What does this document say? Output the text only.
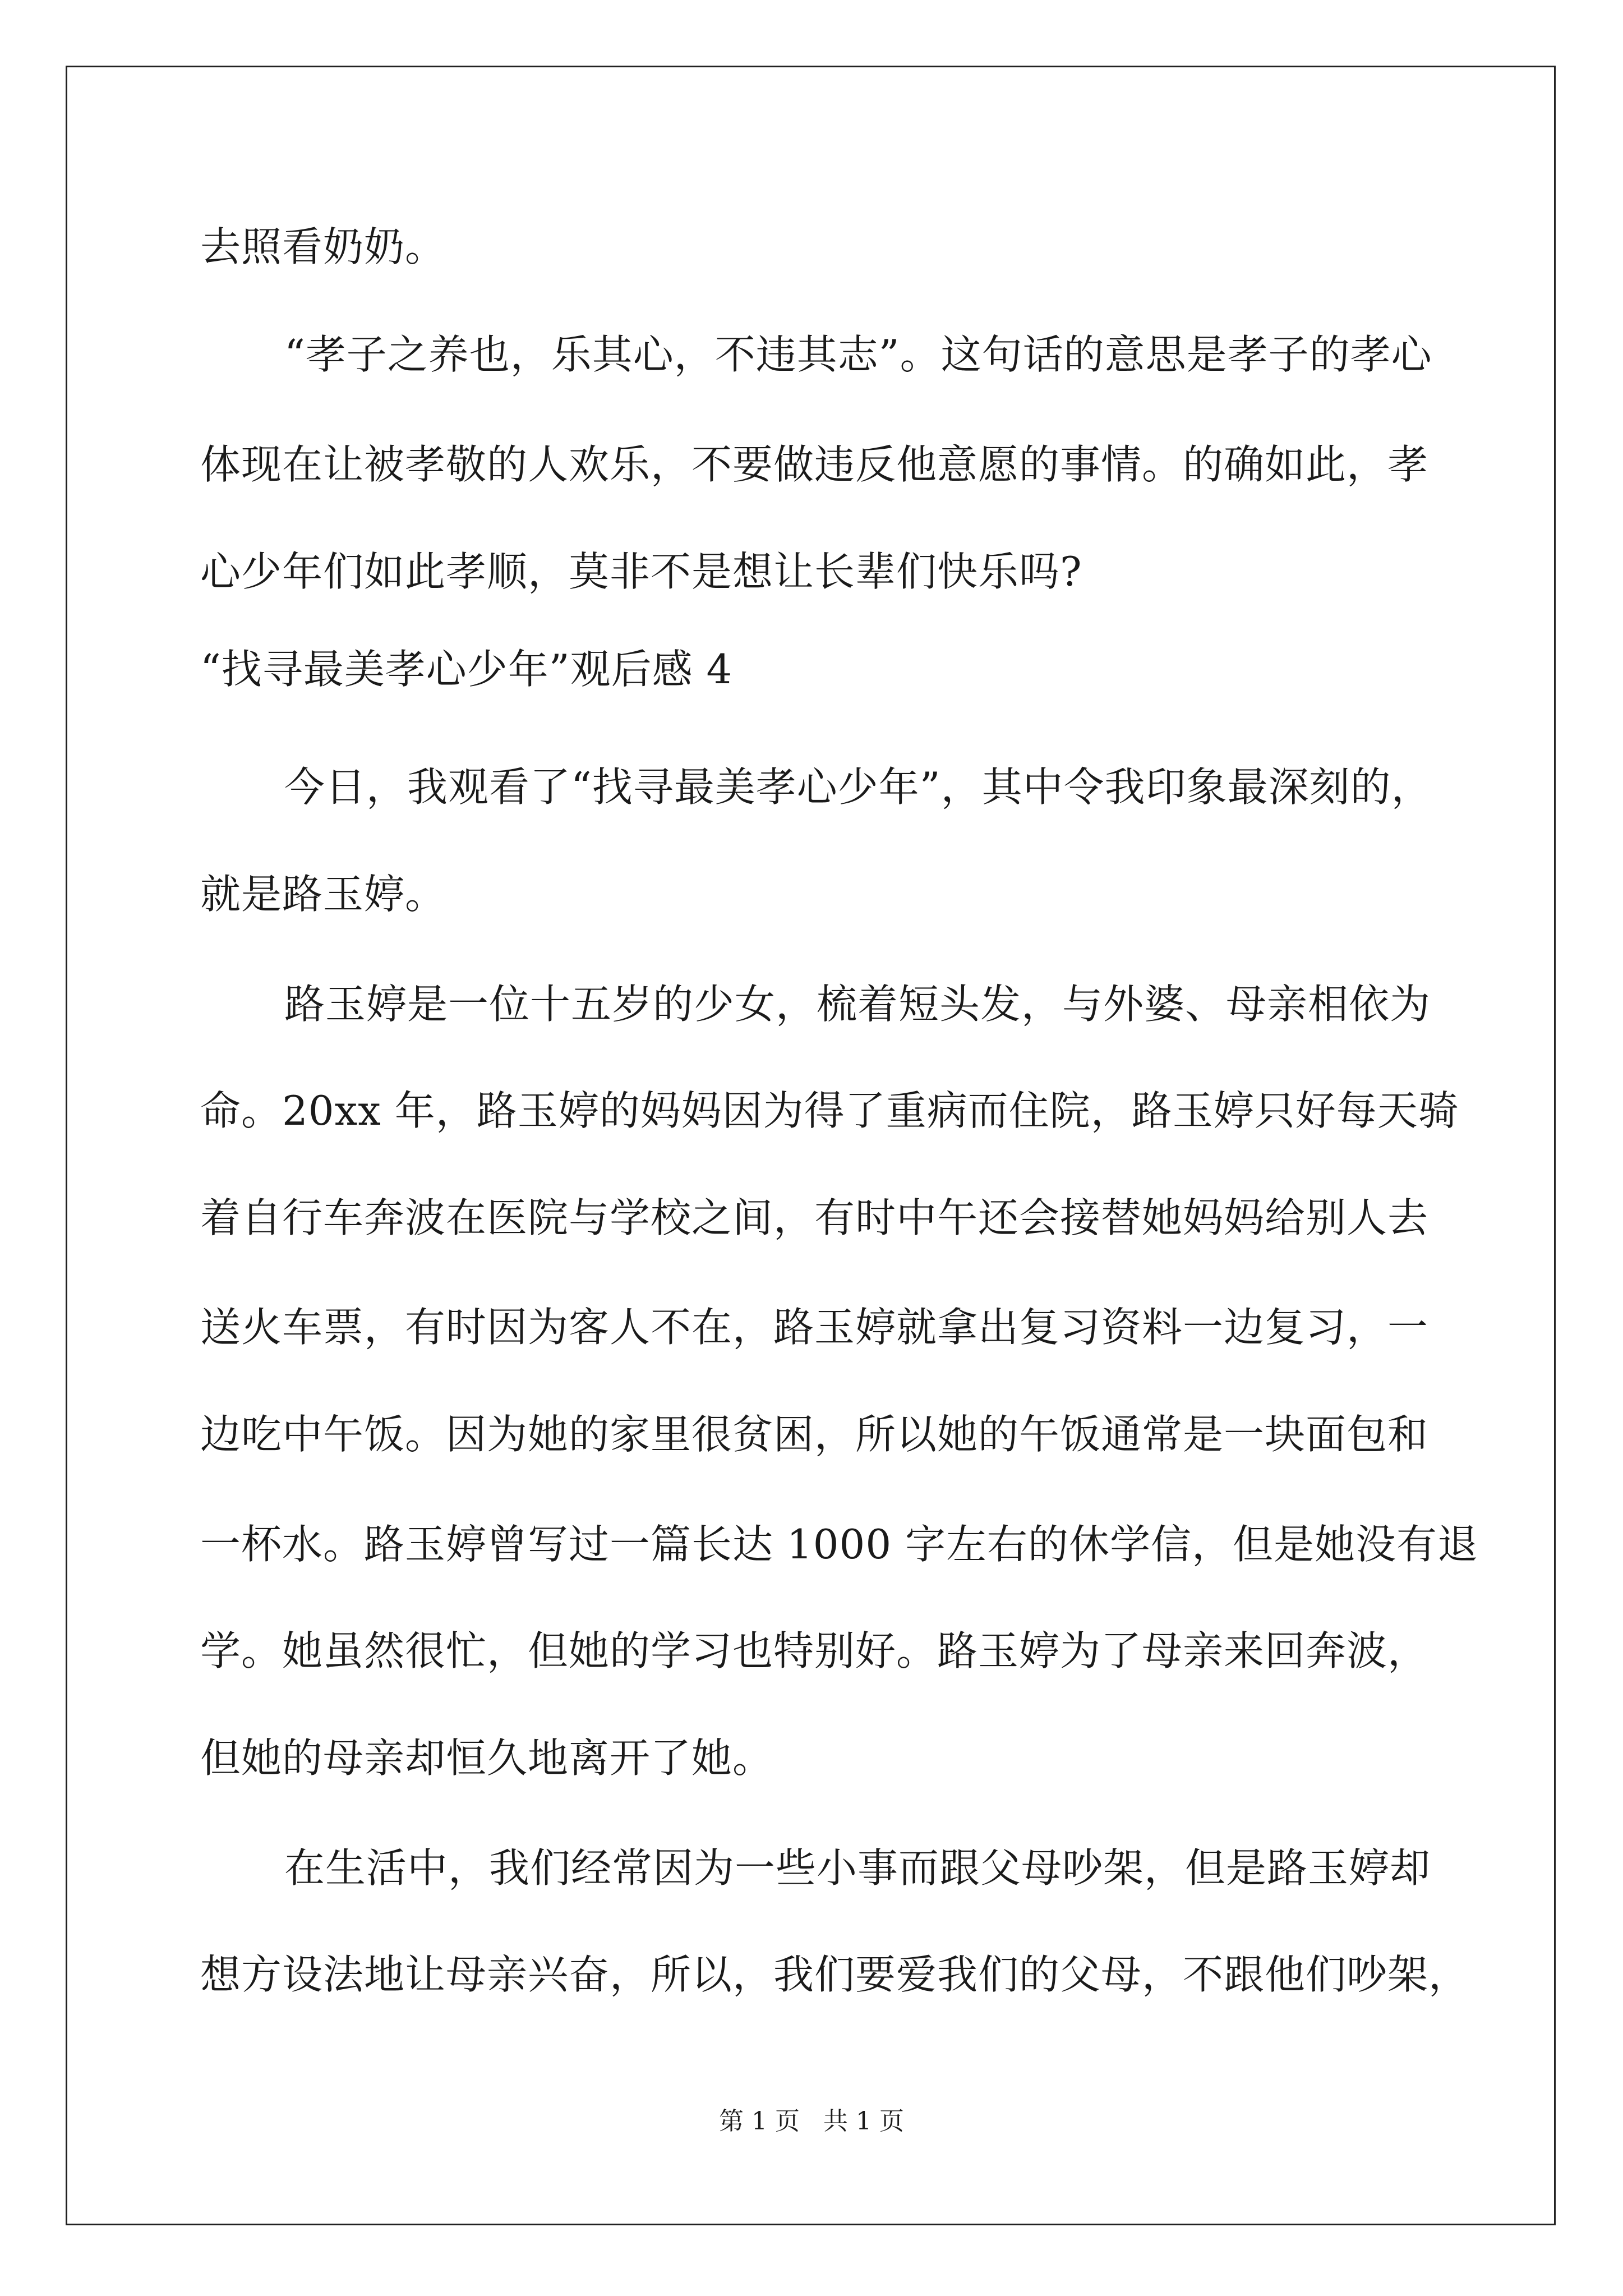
去照看奶奶。
“孝子之养也，乐其心，不违其志”。这句话的意思是孝子的孝心
体现在让被孝敬的人欢乐，不要做违反他意愿的事情。的确如此，孝
心少年们如此孝顺，莫非不是想让长辈们快乐吗?
“找寻最美孝心少年”观后感 4
今日，我观看了“找寻最美孝心少年”，其中令我印象最深刻的，
就是路玉婷。
路玉婷是一位十五岁的少女，梳着短头发，与外婆、母亲相依为
命。20xx 年，路玉婷的妈妈因为得了重病而住院，路玉婷只好每天骑
着自行车奔波在医院与学校之间，有时中午还会接替她妈妈给别人去
送火车票，有时因为客人不在，路玉婷就拿出复习资料一边复习，一
边吃中午饭。因为她的家里很贫困，所以她的午饭通常是一块面包和
一杯水。路玉婷曾写过一篇长达 1000 字左右的休学信，但是她没有退
学。她虽然很忙，但她的学习也特别好。路玉婷为了母亲来回奔波，
但她的母亲却恒久地离开了她。
在生活中，我们经常因为一些小事而跟父母吵架，但是路玉婷却
想方设法地让母亲兴奋，所以，我们要爱我们的父母，不跟他们吵架，
第 1 页   共 1 页
